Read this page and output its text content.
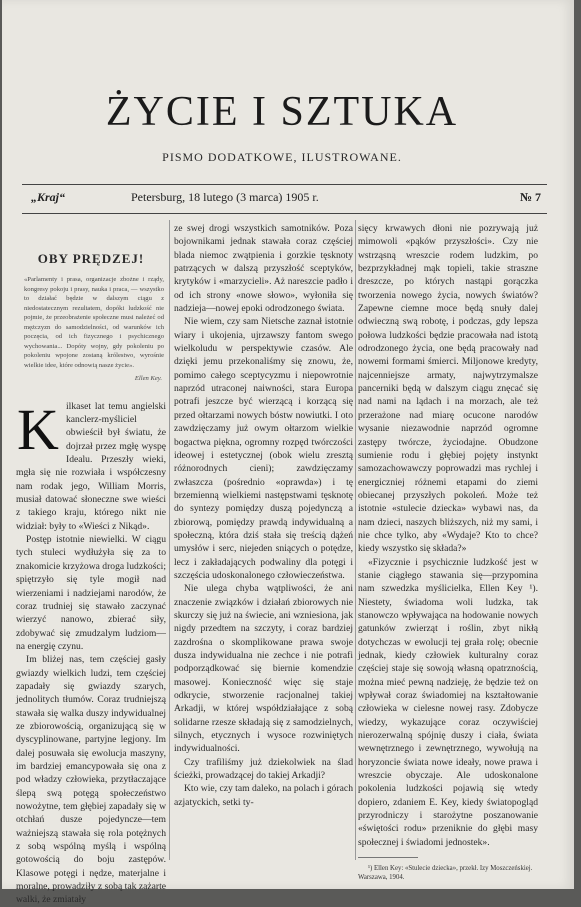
ŻYCIE I SZTUKA
PISMO DODATKOWE, ILUSTROWANE.
„Kraj“	Petersburg, 18 lutego (3 marca) 1905 r.	№ 7
OBY PRĘDZEJ!
«Parlamenty i prasa, organizacje zbożne i rządy, kongresy pokoju i prasy, nauka i praca, — wszystko to działać będzie w dalszym ciągu z niedostatecznym rezultatem, dopóki ludzkość nie pojmie, że przeobrażenie społeczne musi należeć od mężczyzn do samodzielności, od warunków ich poczęcia, od ich fizycznego i psychicznego wychowania... Dopóty wojny, gdy pokoleniu po pokoleniu wpojone zostaną królestwo, wyrośnie wielkie idee, które odnowią nasze życie».
Ellen Key.
K ilkaset lat temu angielski kanclerz-myśliciel obwieścił był światu, że dojrzał przez mgłę wyspę Idealu. Przeszły wieki, mgła się nie rozwiała i współczesny nam rodak jego, William Morris, musiał datować słoneczne swe wieści z takiego kraju, którego nikt nie widział: były to «Wieści z Nikąd».

Postęp istotnie niewielki. W ciągu tych stuleci wydłużyła się za to znakomicie krzyżowa droga ludzkości; spiętrzyło się tyle mogił nad wierzeniami i nadziejami narodów, że coraz trudniej się stawało zaczynać wierzyć nanowo, zbierać siły, zdobywać się zmudzalym ludziom—na energię czynu.

Im bliżej nas, tem częściej gasły gwiazdy wielkich ludzi, tem częściej zapadały się gwiazdy szarych, jednolitych tłumów. Coraz trudniejszą stawała się walka duszy indywidualnej ze zbiorowością, organizującą się w dyscyplinowane, partyjne legjony. Im dalej posuwała się ewolucja maszyny, im bardziej emancypowała się ona z pod władzy człowieka, przytłaczające ślepą swą potęgą społeczeństwo nowożytne, tem głębiej zapadały się w otchłań dusze pojedyncze—tem ważniejszą stawała się rola potężnych z sobą wspólną myślą i wspólną gotowością do boju zastępów. Klasowe potęgi i nędze, materjalne i moralne, prowadziły z sobą tak zażarte walki, że zmiatały

ze swej drogi wszystkich samotników. Poza bojownikami jednak stawała coraz częściej blada niemoc zwątpienia i gorzkie tęsknoty patrzących w dalszą przyszłość sceptyków, krytyków i «marzycieli». Aż nareszcie padło i od ich strony «nowe słowo», wyłoniła się nadzieja—nowej epoki odrodzonego świata.

Nie wiem, czy sam Nietsche zaznał istotnie wiary i ukojenia, ujrzawszy fantom swego wielkoludu w perspektywie czasów. Ale dzięki jemu przekonaliśmy się znowu, że, pomimo całego sceptycyzmu i niepowrotnie naprzód utraconej naiwności, stara Europa potrafi jeszcze być wierzącą i korzącą się przed ołtarzami nowych bóstw nowiutki. I oto zawdzięczamy już owym ołtarzom wielkie bogactwa piękna, ogromny rozpęd twórczości ideowej i estetycznej (obok wielu zresztą różnorodnych cieni); zawdzięczamy zwłaszcza (pośrednio «oprawda») i tę brzemienną wielkiemi następstwami tęsknotę do syntezy pomiędzy duszą pojedynczą a zbiorową, pomiędzy prawdą indywidualną a społeczną, która dziś stała się treścią dążeń umysłów i serc, niejeden sniących o potędze, lecz i zakładających podwaliny dla potęgi i szczęścia udoskonalonego człowieczeństwa.

Nie ulega chyba wątpliwości, że ani znaczenie związków i działań zbiorowych nie skurczy się już na świecie, ani wzniesiona, jak nigdy przedtem na szczyty, i coraz bardziej zazdrośna o skomplikowane prawa swoje dusza indywidualna nie zechce i nie potrafi podporządkować się biernie komendzie masowej. Konieczność więc się staje odkrycie, stworzenie racjonalnej takiej Arkadji, w której współdziałające z sobą solidarne rzesze składają się z samodzielnych, silnych, etycznych i wysoce rozwiniętych indywidualności.

Czy trafiliśmy już dziekolwiek na ślad ścieżki, prowadzącej do takiej Arkadji?

Kto wie, czy tam daleko, na polach i górach azjatyckich, setki ty-

sięcy krwawych dłoni nie pozrywają już mimowoli «pąków przyszłości». Czy nie wstrząsną wreszcie rodem ludzkim, po bezprzykładnej mąk topieli, takie straszne dreszcze, po których nastąpi gorączka tworzenia nowego życia, nowych światów? Zapewne ciemne moce będą snuły dalej odwieczną swą robotę, i podczas, gdy lepsza połowa ludzkości będzie pracowała nad istotą odrodzonego życia, one będą pracowały nad nowemi formami śmierci. Miljonowe kredyty, najcenniejsze armaty, najwytrzymalsze pancerniki będą w dalszym ciągu znęcać się nad nami na lądach i na morzach, ale też przerażone nad miarę ocucone narodów wysanie niezawodnie naprzód ogromne zastępy twórcze, życiodajne. Obudzone sumienie rodu i głębiej pojęty instynkt samozachowawczy poprowadzi mas rychlej i energiczniej różnemi etapami do ziemi obiecanej przyszłych pokoleń. Może też istotnie «stulecie dziecka» wybawi nas, da nam dzieci, naszych bliższych, niż my sami, i nie chce tylko, aby «Wydaje? Kto to chce? kiedy wszystko się składa?»

«Fizycznie i psychicznie ludzkość jest w stanie ciągłego stawania się—przypomina nam szwedzka myślicielka, Ellen Key ¹). Niestety, świadoma woli ludzka, tak stanowczo wpływająca na hodowanie nowych gatunków zwierząt i roślin, zbyt nikłą dotychczas w ewolucji tej grała rolę; obecnie jednak, kiedy człowiek kulturalny coraz częściej staje się sowoją własną opatrznością, można mieć pewną nadzieję, że będzie też on wpływał coraz świadomiej na kształtowanie człowieka w cielesne nowej rasy. Zdobycze wiedzy, wykazujące coraz oczywiściej nierozerwalną spójnię duszy i ciała, świata wewnętrznego i zewnętrznego, wywołują na horyzoncie świata nowe ideały, nowe prawa i wreszcie obyczaje. Ale udoskonalone pokolenia ludzkości pojawią się wtedy dopiero, zdaniem E. Key, kiedy światopogląd przyrodniczy i starożytne poszanowanie «świętości rodu» przeniknie do głębi masy społecznej i świadomi jednostek».

¹) Ellen Key: «Stulecie dziecka», przekł. Izy Moszczeńskiej. Warszawa, 1904.
